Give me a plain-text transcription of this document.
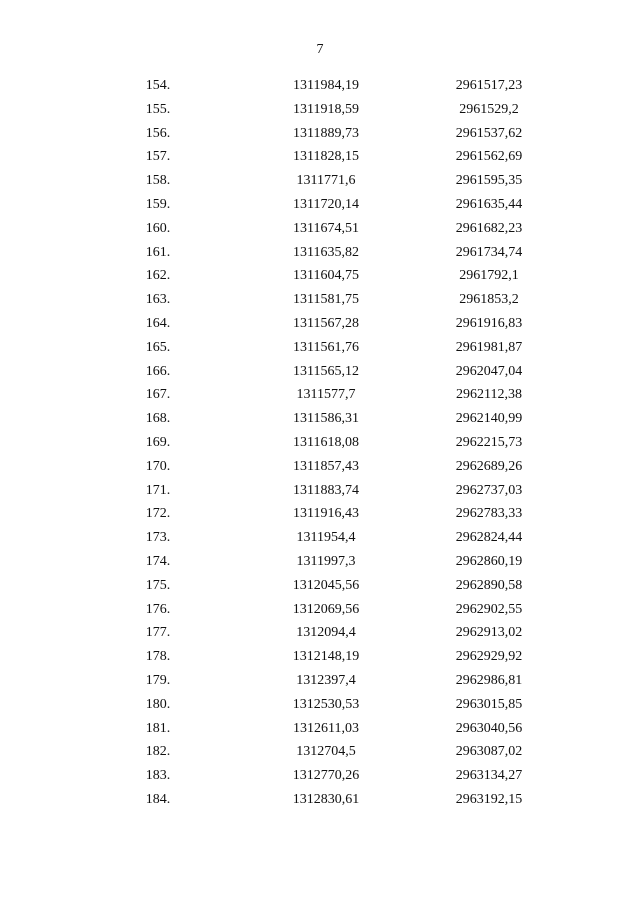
7
154.	1311984,19	2961517,23
155.	1311918,59	2961529,2
156.	1311889,73	2961537,62
157.	1311828,15	2961562,69
158.	1311771,6	2961595,35
159.	1311720,14	2961635,44
160.	1311674,51	2961682,23
161.	1311635,82	2961734,74
162.	1311604,75	2961792,1
163.	1311581,75	2961853,2
164.	1311567,28	2961916,83
165.	1311561,76	2961981,87
166.	1311565,12	2962047,04
167.	1311577,7	2962112,38
168.	1311586,31	2962140,99
169.	1311618,08	2962215,73
170.	1311857,43	2962689,26
171.	1311883,74	2962737,03
172.	1311916,43	2962783,33
173.	1311954,4	2962824,44
174.	1311997,3	2962860,19
175.	1312045,56	2962890,58
176.	1312069,56	2962902,55
177.	1312094,4	2962913,02
178.	1312148,19	2962929,92
179.	1312397,4	2962986,81
180.	1312530,53	2963015,85
181.	1312611,03	2963040,56
182.	1312704,5	2963087,02
183.	1312770,26	2963134,27
184.	1312830,61	2963192,15
